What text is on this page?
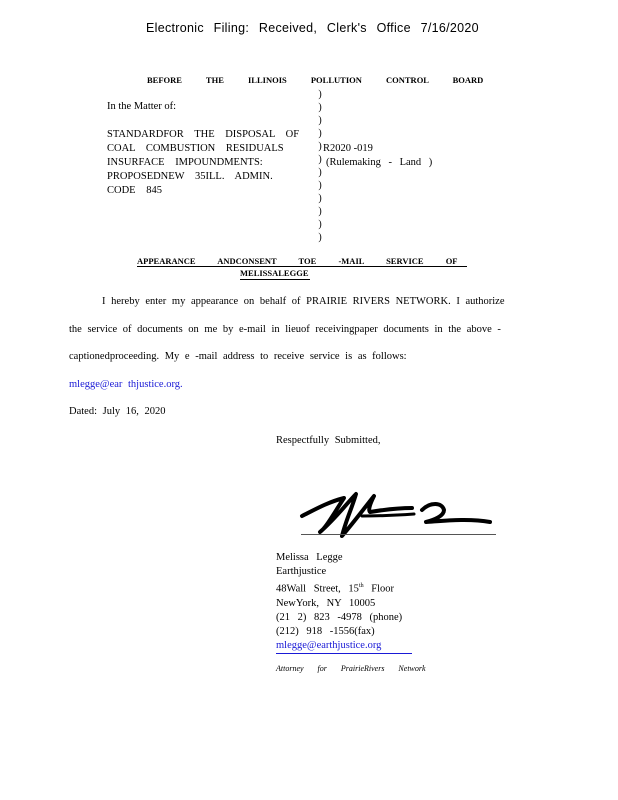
Electronic Filing: Received, Clerk's Office 7/16/2020
BEFORE THE ILLINOIS POLLUTION CONTROL BOARD
In the Matter of:
STANDARDFOR THE DISPOSAL OF
COAL COMBUSTION RESIDUALS
INSURFACE IMPOUNDMENTS:
PROPOSEDNEW 35ILL. ADMIN.
CODE 845
)
)
)
)
)
)
)
)
)
)
)
)
R2020 -019
(Rulemaking - Land )
APPEARANCE ANDCONSENT TOE -MAIL SERVICE OF
MELISSALEGGE
I hereby enter my appearance on behalf of PRAIRIE RIVERS NETWORK. I authorize
the service of documents on me by e-mail in lieuof receivingpaper documents in the above -
captionedproceeding. My e -mail address to receive service is as follows:
mlegge@ear thjustice.org.
Dated: July 16, 2020
Respectfully Submitted,
Melissa Legge
Earthjustice
48Wall Street, 15th Floor
NewYork, NY 10005
(21 2) 823 -4978 (phone)
(212) 918 -1556(fax)
mlegge@earthjustice.org
Attorney for PrairieRivers Network
